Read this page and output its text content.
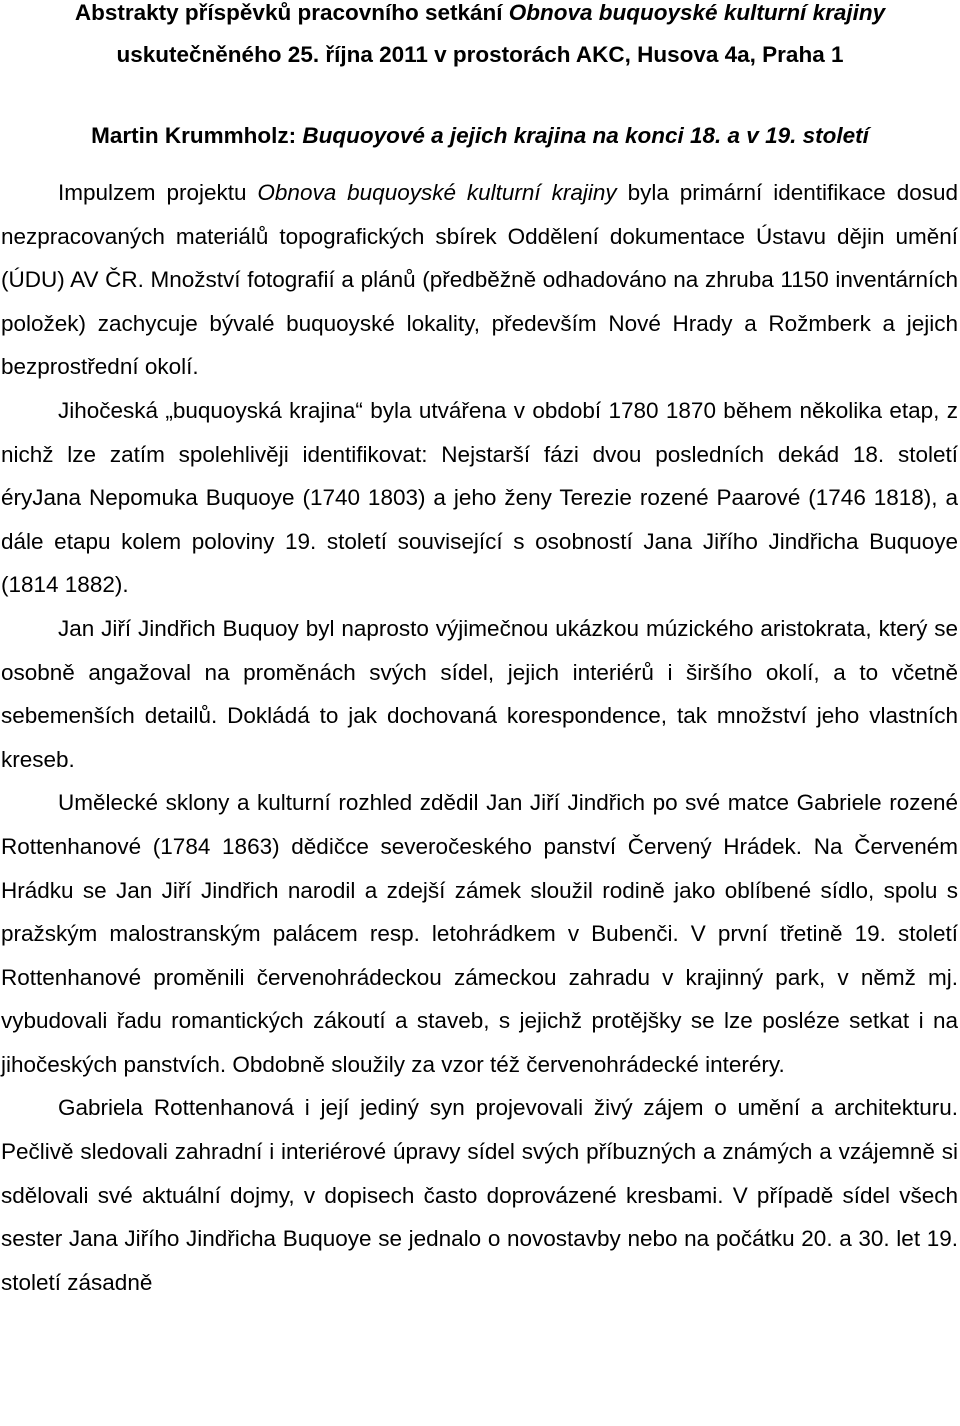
Abstrakty příspěvků pracovního setkání Obnova buquoyské kulturní krajiny uskutečněného 25. října 2011 v prostorách AKC, Husova 4a, Praha 1
Martin Krummholz: Buquoyové a jejich krajina na konci 18. a v 19. století

Impulzem projektu Obnova buquoyské kulturní krajiny byla primární identifikace dosud nezpracovaných materiálů topografických sbírek Oddělení dokumentace Ústavu dějin umění (ÚDU) AV ČR. Množství fotografií a plánů (předběžně odhadováno na zhruba 1150 inventárních položek) zachycuje bývalé buquoyské lokality, především Nové Hrady a Rožmberk a jejich bezprostřední okolí.

Jihočeská „buquoyská krajina“ byla utvářena v období 1780 1870 během několika etap, z nichž lze zatím spolehlivěji identifikovat: Nejstarší fázi dvou posledních dekád 18. století éryJana Nepomuka Buquoye (1740 1803) a jeho ženy Terezie rozené Paarové (1746 1818), a dále etapu kolem poloviny 19. století související s osobností Jana Jiřího Jindřicha Buquoye (1814 1882).

Jan Jiří Jindřich Buquoy byl naprosto výjimečnou ukázkou múzického aristokrata, který se osobně angažoval na proměnách svých sídel, jejich interiérů i širšího okolí, a to včetně sebemenších detailů. Dokládá to jak dochovaná korespondence, tak množství jeho vlastních kreseb.

Umělecké sklony a kulturní rozhled zdědil Jan Jiří Jindřich po své matce Gabriele rozené Rottenhanové (1784 1863) dědičce severočeského panství Červený Hrádek. Na Červeném Hrádku se Jan Jiří Jindřich narodil a zdejší zámek sloužil rodině jako oblíbené sídlo, spolu s pražským malostranským palácem resp. letohrádkem v Bubenči. V první třetině 19. století Rottenhanové proměnili červenohrádeckou zámeckou zahradu v krajinný park, v němž mj. vybudovali řadu romantických zákoutí a staveb, s jejichž protějšky se lze posléze setkat i na jihočeských panstvích. Obdobně sloužily za vzor též červenohrádecké interéry.

Gabriela Rottenhanová i její jediný syn projevovali živý zájem o umění a architekturu. Pečlivě sledovali zahradní i interiérové úpravy sídel svých příbuzných a známých a vzájemně si sdělovali své aktuální dojmy, v dopisech často doprovázené kresbami. V případě sídel všech sester Jana Jiřího Jindřicha Buquoye se jednalo o novostavby nebo na počátku 20. a 30. let 19. století zásadně
